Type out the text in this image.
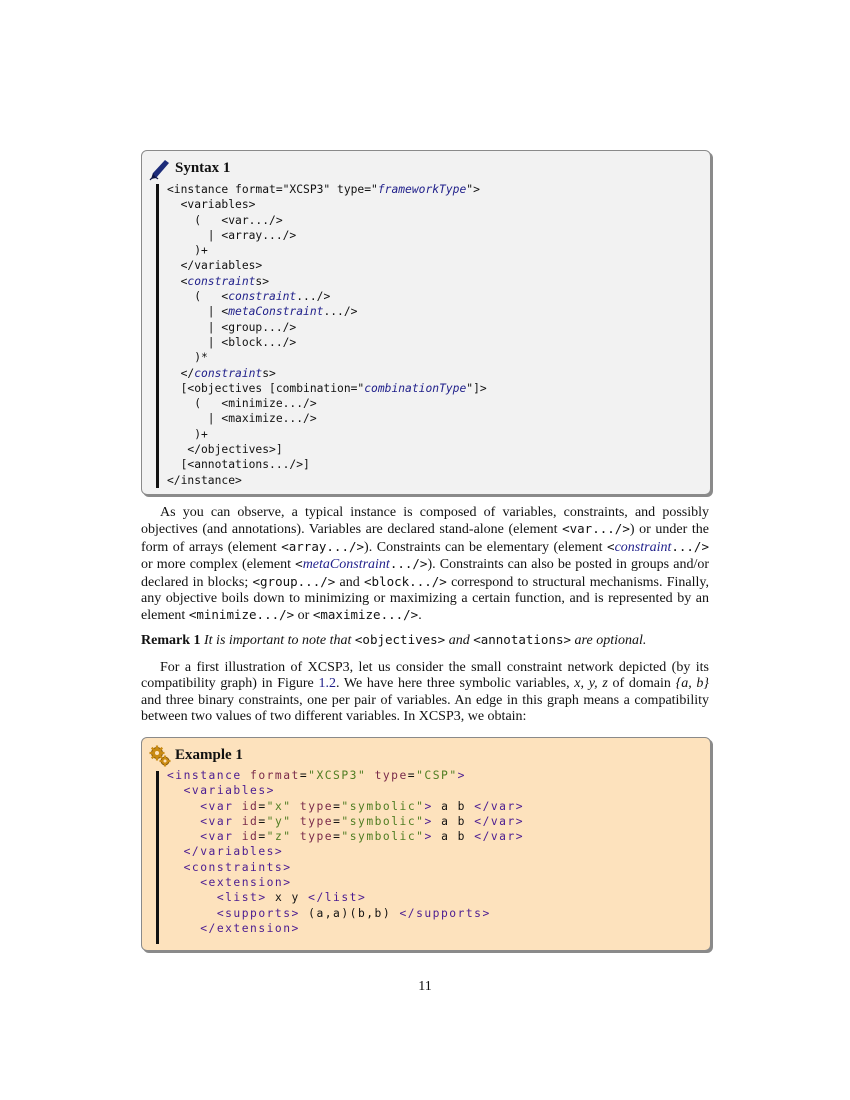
Syntax 1
<instance format="XCSP3" type="frameworkType">
<variables>
(   <var.../>
| <array.../>
)+
</variables>
<constraints>
(   <constraint.../>
| <metaConstraint.../>
| <group.../>
| <block.../>
)*
</constraints>
[<objectives [combination="combinationType"]>
(   <minimize.../>
| <maximize.../>
)+
</objectives>]
[<annotations.../>]
</instance>

As you can observe, a typical instance is composed of variables, constraints, and possibly objectives (and annotations). Variables are declared stand-alone (element <var.../>) or under the form of arrays (element <array.../>). Constraints can be elementary (element <constraint.../> or more complex (element <metaConstraint.../>). Constraints can also be posted in groups and/or declared in blocks; <group.../> and <block.../> correspond to structural mechanisms. Finally, any objective boils down to minimizing or maximizing a certain function, and is represented by an element <minimize.../> or <maximize.../>.

Remark 1 It is important to note that <objectives> and <annotations> are optional.

For a first illustration of XCSP3, let us consider the small constraint network depicted (by its compatibility graph) in Figure 1.2. We have here three symbolic variables, x, y, z of domain {a, b} and three binary constraints, one per pair of variables. An edge in this graph means a compatibility between two values of two different variables. In XCSP3, we obtain:

Example 1
<instance format="XCSP3" type="CSP">
<variables>
<var id="x" type="symbolic"> a b </var>
<var id="y" type="symbolic"> a b </var>
<var id="z" type="symbolic"> a b </var>
</variables>
<constraints>
<extension>
<list> x y </list>
<supports> (a,a)(b,b) </supports>
</extension>
11
